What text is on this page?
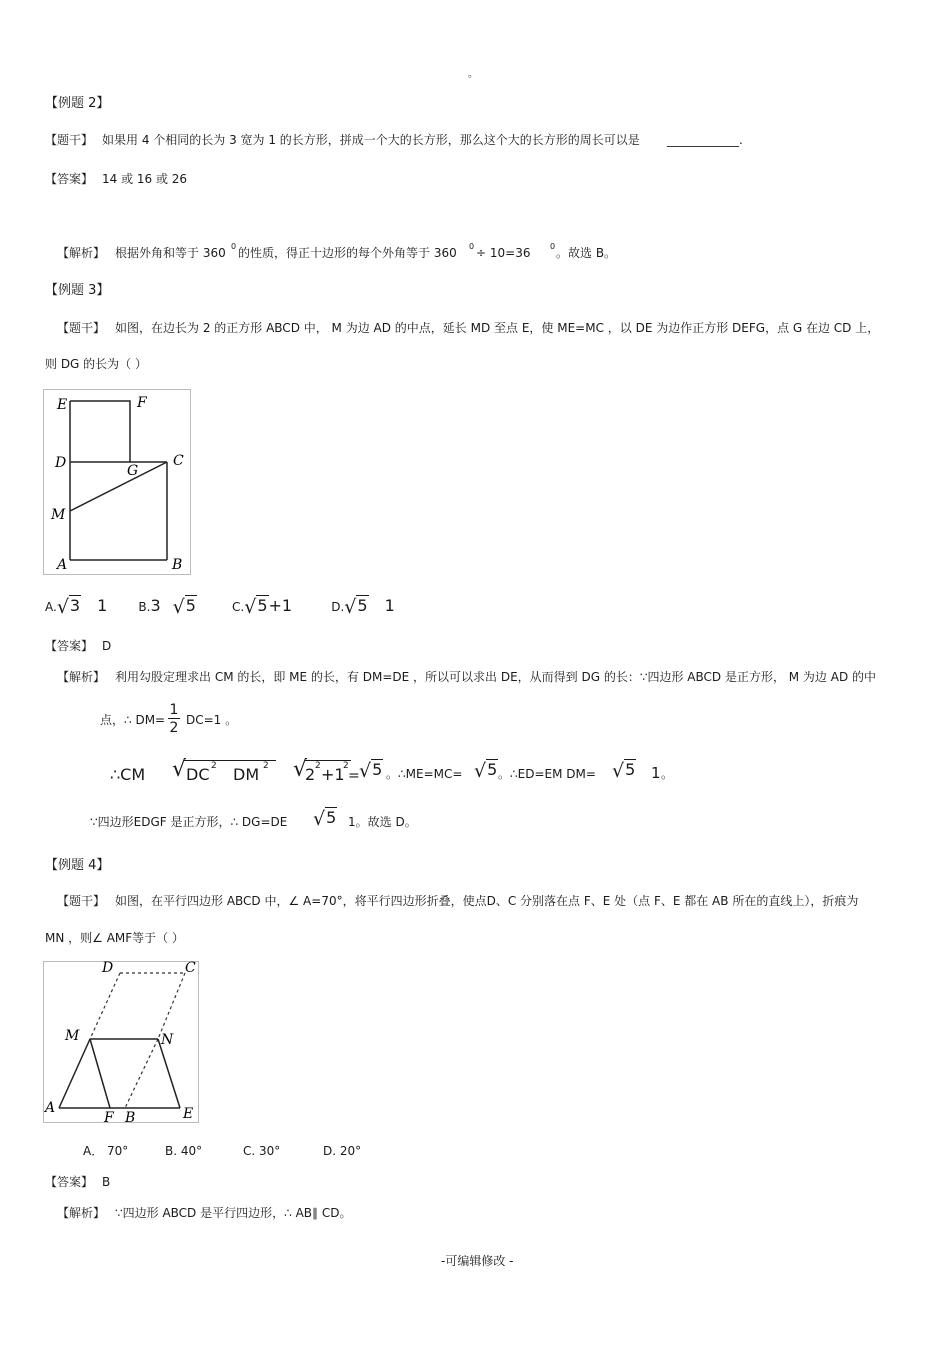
。
【例题 2】
【题干】 如果用 4 个相同的长为 3 宽为 1 的长方形，拼成一个大的长方形，那么这个大的长方形的周长可以是 ____________.
【答案】 14 或 16 或 26
【解析】 根据外角和等于 360 0 的性质，得正十边形的每个外角等于 360 0 ÷ 10=36 0 。故选 B。
【例题 3】
【题干】 如图，在边长为 2 的正方形 ABCD 中， M 为边 AD 的中点，延长 MD 至点 E，使 ME=MC ，以 DE 为边作正方形 DEFG，点 G 在边 CD 上，
则 DG 的长为（ ）
E	F
D	G
C
M
A	B
A.√3 1	B.3 √5	C.√5+1	D.√5 1
【答案】 D
【解析】 利用勾股定理求出 CM 的长，即 ME 的长，有 DM=DE ，所以可以求出 DE，从而得到 DG 的长：∵四边形 ABCD 是正方形， M 为边 AD 的中
点，∴ $DM= \frac{1}{2} DC=1$ 。
∴CM √ DC 2 DM 2 √
2 2 +1
2
= √5 。∴ME=MC= √5 。∴ED=EM DM= √5 1 。
∵四边形EDGF 是正方形，∴ DG=DE √5 1。故选 D。
【例题 4】
【题干】 如图，在平行四边形 ABCD 中，∠ A=70°，将平行四边形折叠，使点D、C 分别落在点 F、E 处（点 F、E 都在 AB 所在的直线上），折痕为
MN ，则∠ AMF等于（ ）
D	C
M	N
A
F B	E
A． 70°	B. 40°	C. 30°	D. 20°
【答案】 B
【解析】 ∵四边形 ABCD 是平行四边形，∴ AB∥ CD。
-可编辑修改 -
